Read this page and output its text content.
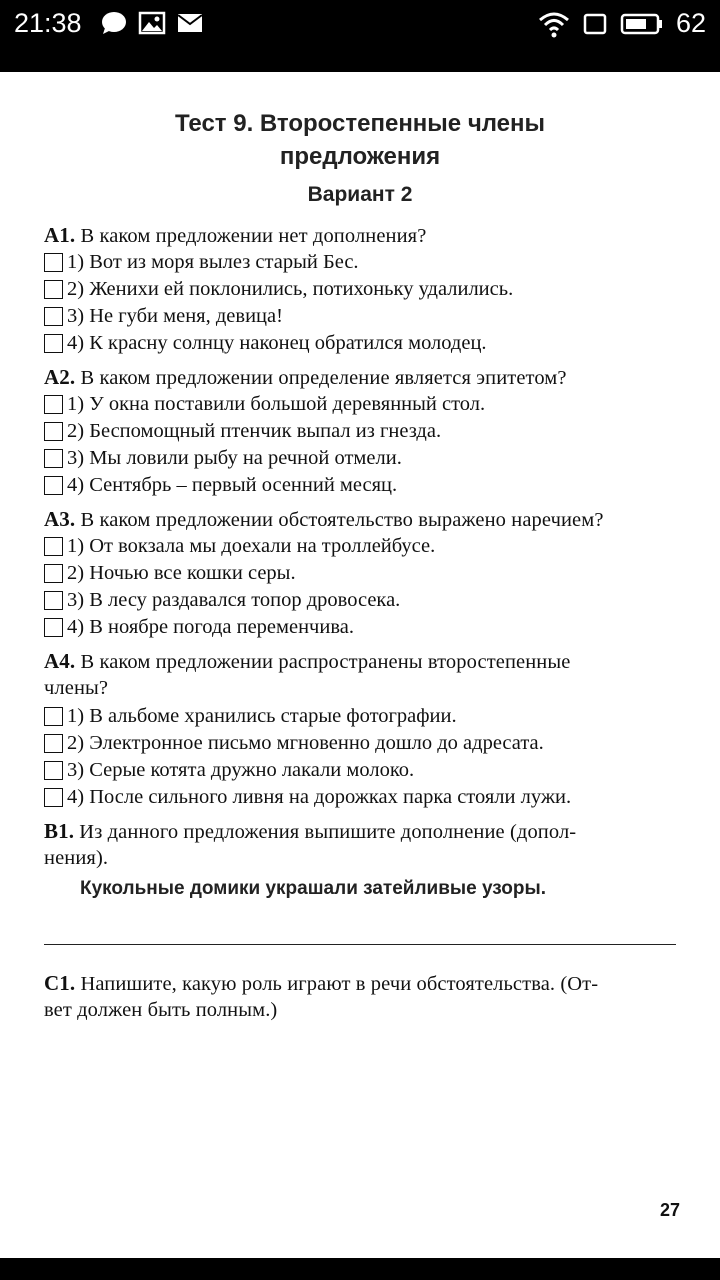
21:38	62
Тест 9. Второстепенные члены
предложения
Вариант 2
А1. В каком предложении нет дополнения?
1) Вот из моря вылез старый Бес.
2) Женихи ей поклонились, потихоньку удалились.
3) Не губи меня, девица!
4) К красну солнцу наконец обратился молодец.
А2. В каком предложении определение является эпитетом?
1) У окна поставили большой деревянный стол.
2) Беспомощный птенчик выпал из гнезда.
3) Мы ловили рыбу на речной отмели.
4) Сентябрь – первый осенний месяц.
А3. В каком предложении обстоятельство выражено наречием?
1) От вокзала мы доехали на троллейбусе.
2) Ночью все кошки серы.
3) В лесу раздавался топор дровосека.
4) В ноябре погода переменчива.
А4. В каком предложении распространены второстепенные
члены?
1) В альбоме хранились старые фотографии.
2) Электронное письмо мгновенно дошло до адресата.
3) Серые котята дружно лакали молоко.
4) После сильного ливня на дорожках парка стояли лужи.
В1. Из данного предложения выпишите дополнение (допол-
нения).
Кукольные домики украшали затейливые узоры.
С1. Напишите, какую роль играют в речи обстоятельства. (От-
вет должен быть полным.)
27
